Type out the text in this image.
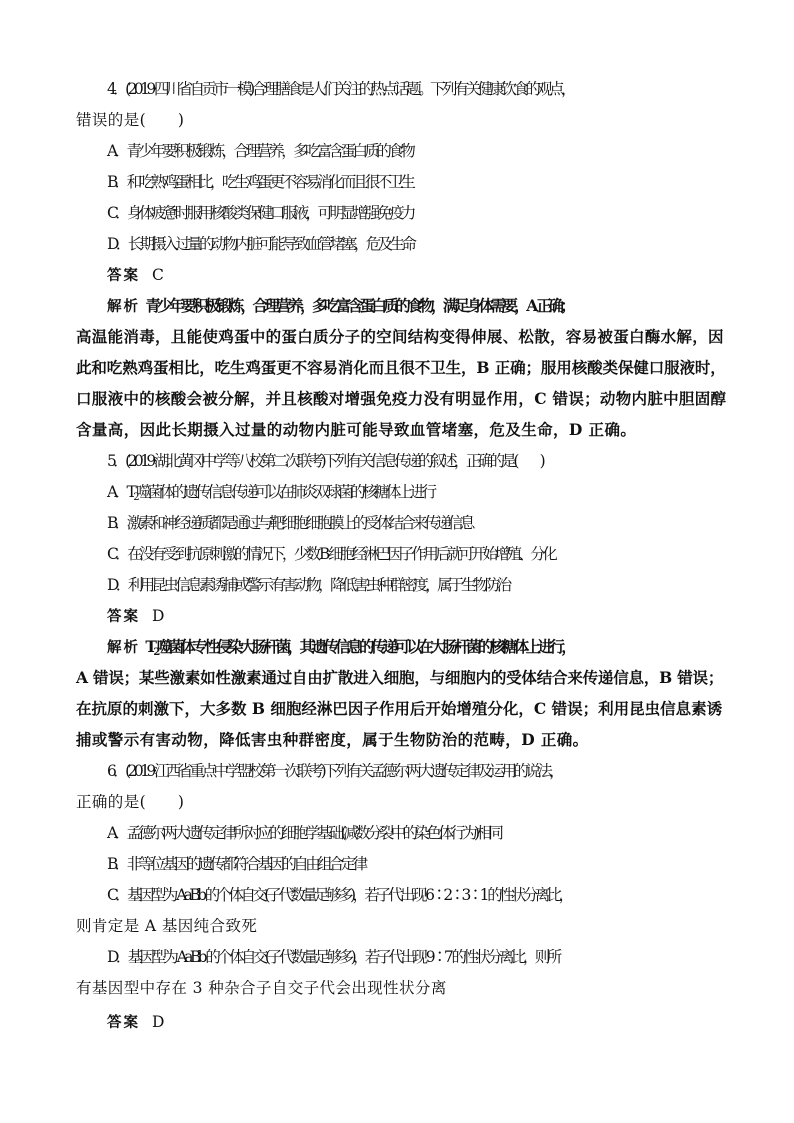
4．(2019·四川省自贡市一模)合理膳食是人们关注的热点话题。下列有关健康饮食的观点，
错误的是(　　)
A．青少年要积极锻炼，合理营养，多吃富含蛋白质的食物
B．和吃熟鸡蛋相比，吃生鸡蛋更不容易消化而且很不卫生
C．身体疲惫时服用核酸类保健口服液，可明显增强免疫力
D．长期摄入过量的动物内脏可能导致血管堵塞，危及生命
答案 C
解析 青少年要积极锻炼，合理营养，多吃富含蛋白质的食物，满足身体需要，A 正确；
高温能消毒，且能使鸡蛋中的蛋白质分子的空间结构变得伸展、松散，容易被蛋白酶水解，因
此和吃熟鸡蛋相比，吃生鸡蛋更不容易消化而且很不卫生，B 正确；服用核酸类保健口服液时，
口服液中的核酸会被分解，并且核酸对增强免疫力没有明显作用，C 错误；动物内脏中胆固醇
含量高，因此长期摄入过量的动物内脏可能导致血管堵塞，危及生命，D 正确。
5．(2019·湖北黄冈中学等八校第二次联考)下列有关信息传递的叙述，正确的是(　　)
A．$T_2$噬菌体的遗传信息传递可以在肺炎双球菌的核糖体上进行
B．激素和神经递质都是通过与靶细胞细胞膜上的受体结合来传递信息
C．在没有受到抗原刺激的情况下，少数 B 细胞经淋巴因子作用后就可开始增殖、分化
D．利用昆虫信息素诱捕或警示有害动物，降低害虫种群密度，属于生物防治
答案 D
解析 $T_2$噬菌体专性侵染大肠杆菌，其遗传信息的传递可以在大肠杆菌的核糖体上进行，
A 错误；某些激素如性激素通过自由扩散进入细胞，与细胞内的受体结合来传递信息，B 错误；
在抗原的刺激下，大多数 B 细胞经淋巴因子作用后开始增殖分化，C 错误；利用昆虫信息素诱
捕或警示有害动物，降低害虫种群密度，属于生物防治的范畴，D 正确。
6．(2019·江西省重点中学盟校第一次联考)下列有关孟德尔两大遗传定律及运用的说法，
正确的是(　　)
A．孟德尔两大遗传定律所对应的细胞学基础(减数分裂中的染色体行为)相同
B．非等位基因的遗传都符合基因的自由组合定律
C．基因型为 AaBb 的个体自交(子代数量足够多)，若子代出现 6∶2∶3∶1 的性状分离比，
则肯定是 A 基因纯合致死
D．基因型为 AaBb 的个体自交(子代数量足够多)，若子代出现 9∶7 的性状分离比，则所
有基因型中存在 3 种杂合子自交子代会出现性状分离
答案 D
